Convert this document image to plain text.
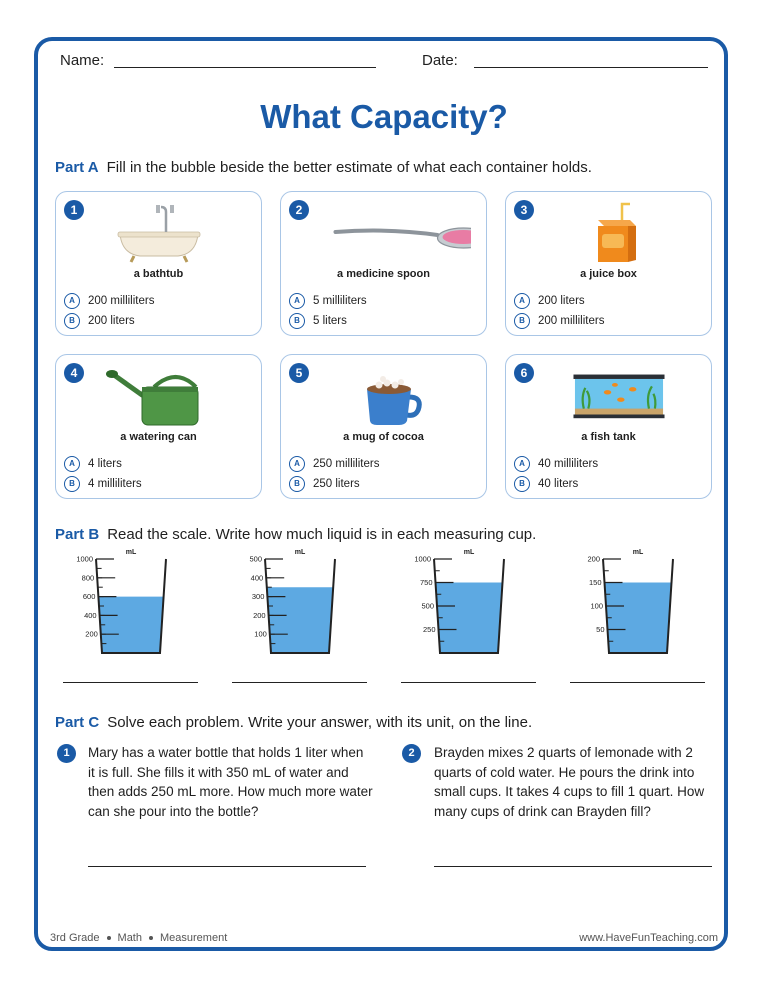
Name:	Date:
What Capacity?
Part A Fill in the bubble beside the better estimate of what each container holds.
1
a bathtub
A 200 milliliters
B 200 liters
2
a medicine spoon
A 5 milliliters
B 5 liters
3
a juice box
A 200 liters
B 200 milliliters
4
a watering can
A 4 liters
B 4 milliliters
5
a mug of cocoa
A 250 milliliters
B 250 liters
6
a fish tank
A 40 milliliters
B 40 liters
Part B Read the scale. Write how much liquid is in each measuring cup.
mL
1000
800
600
400
200
mL
500
400
300
200
100
mL
1000
750
500
250
mL
200
150
100
50
Part C Solve each problem. Write your answer, with its unit, on the line.
1	Mary has a water bottle that holds 1 liter when it is full. She fills it with 350 mL of water and then adds 250 mL more. How much more water can she pour into the bottle?
2	Brayden mixes 2 quarts of lemonade with 2 quarts of cold water. He pours the drink into small cups. It takes 4 cups to fill 1 quart. How many cups of drink can Brayden fill?
3rd Grade Math Measurement	www.HaveFunTeaching.com
